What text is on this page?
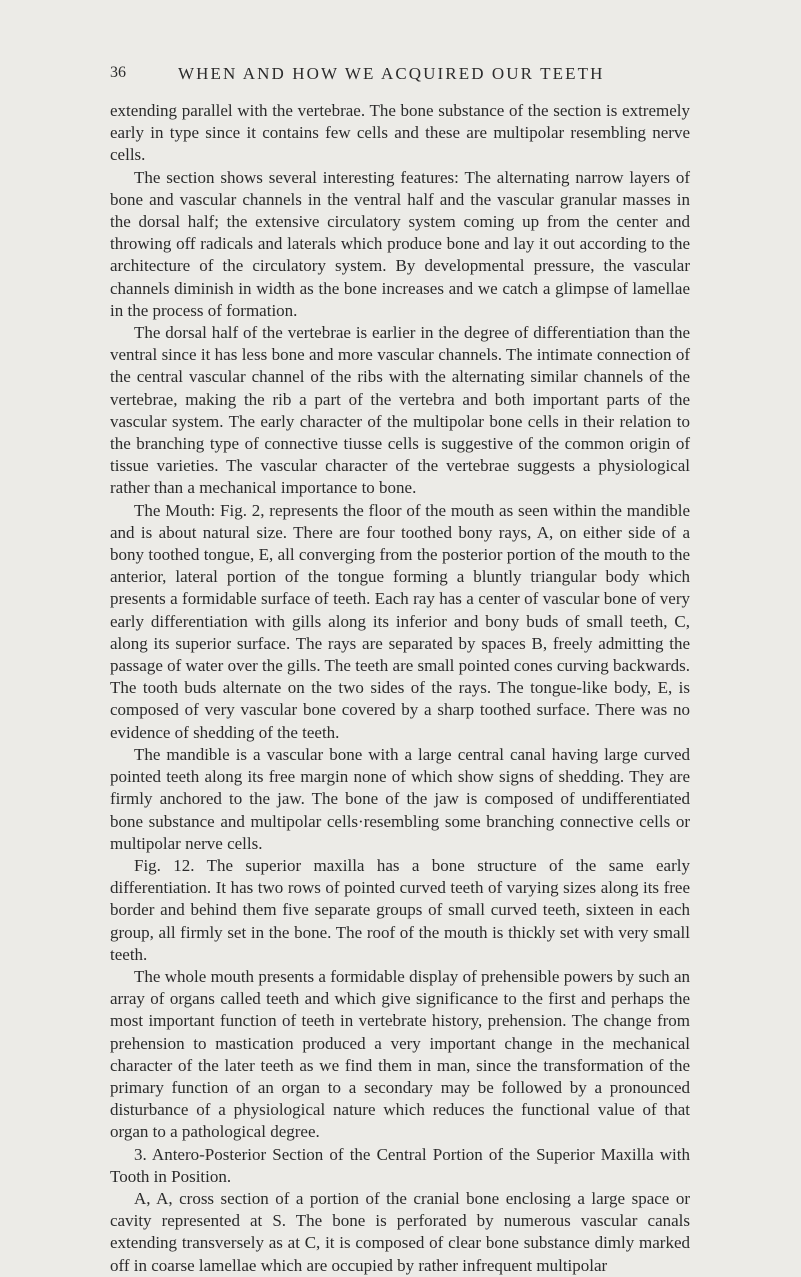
36	WHEN AND HOW WE ACQUIRED OUR TEETH

extending parallel with the vertebrae. The bone substance of the section is extremely early in type since it contains few cells and these are multipolar resembling nerve cells.

The section shows several interesting features: The alternating narrow layers of bone and vascular channels in the ventral half and the vascular granular masses in the dorsal half; the extensive circulatory system coming up from the center and throwing off radicals and laterals which produce bone and lay it out according to the architecture of the circulatory system. By developmental pressure, the vascular channels diminish in width as the bone increases and we catch a glimpse of lamellae in the process of formation.

The dorsal half of the vertebrae is earlier in the degree of differentiation than the ventral since it has less bone and more vascular channels. The intimate connection of the central vascular channel of the ribs with the alternating similar channels of the vertebrae, making the rib a part of the vertebra and both important parts of the vascular system. The early character of the multipolar bone cells in their relation to the branching type of connective tiusse cells is suggestive of the common origin of tissue varieties. The vascular character of the vertebrae suggests a physiological rather than a mechanical importance to bone.

The Mouth: Fig. 2, represents the floor of the mouth as seen within the mandible and is about natural size. There are four toothed bony rays, A, on either side of a bony toothed tongue, E, all converging from the posterior portion of the mouth to the anterior, lateral portion of the tongue forming a bluntly triangular body which presents a formidable surface of teeth. Each ray has a center of vascular bone of very early differentiation with gills along its inferior and bony buds of small teeth, C, along its superior surface. The rays are separated by spaces B, freely admitting the passage of water over the gills. The teeth are small pointed cones curving backwards. The tooth buds alternate on the two sides of the rays. The tongue-like body, E, is composed of very vascular bone covered by a sharp toothed surface. There was no evidence of shedding of the teeth.

The mandible is a vascular bone with a large central canal having large curved pointed teeth along its free margin none of which show signs of shedding. They are firmly anchored to the jaw. The bone of the jaw is composed of undifferentiated bone substance and multipolar cells·resembling some branching connective cells or multipolar nerve cells.

Fig. 12. The superior maxilla has a bone structure of the same early differentiation. It has two rows of pointed curved teeth of varying sizes along its free border and behind them five separate groups of small curved teeth, sixteen in each group, all firmly set in the bone. The roof of the mouth is thickly set with very small teeth.

The whole mouth presents a formidable display of prehensible powers by such an array of organs called teeth and which give significance to the first and perhaps the most important function of teeth in vertebrate history, prehension. The change from prehension to mastication produced a very important change in the mechanical character of the later teeth as we find them in man, since the transformation of the primary function of an organ to a secondary may be followed by a pronounced disturbance of a physiological nature which reduces the functional value of that organ to a pathological degree.

3. Antero-Posterior Section of the Central Portion of the Superior Maxilla with Tooth in Position.

A, A, cross section of a portion of the cranial bone enclosing a large space or cavity represented at S. The bone is perforated by numerous vascular canals extending transversely as at C, it is composed of clear bone substance dimly marked off in coarse lamellae which are occupied by rather infrequent multipolar
